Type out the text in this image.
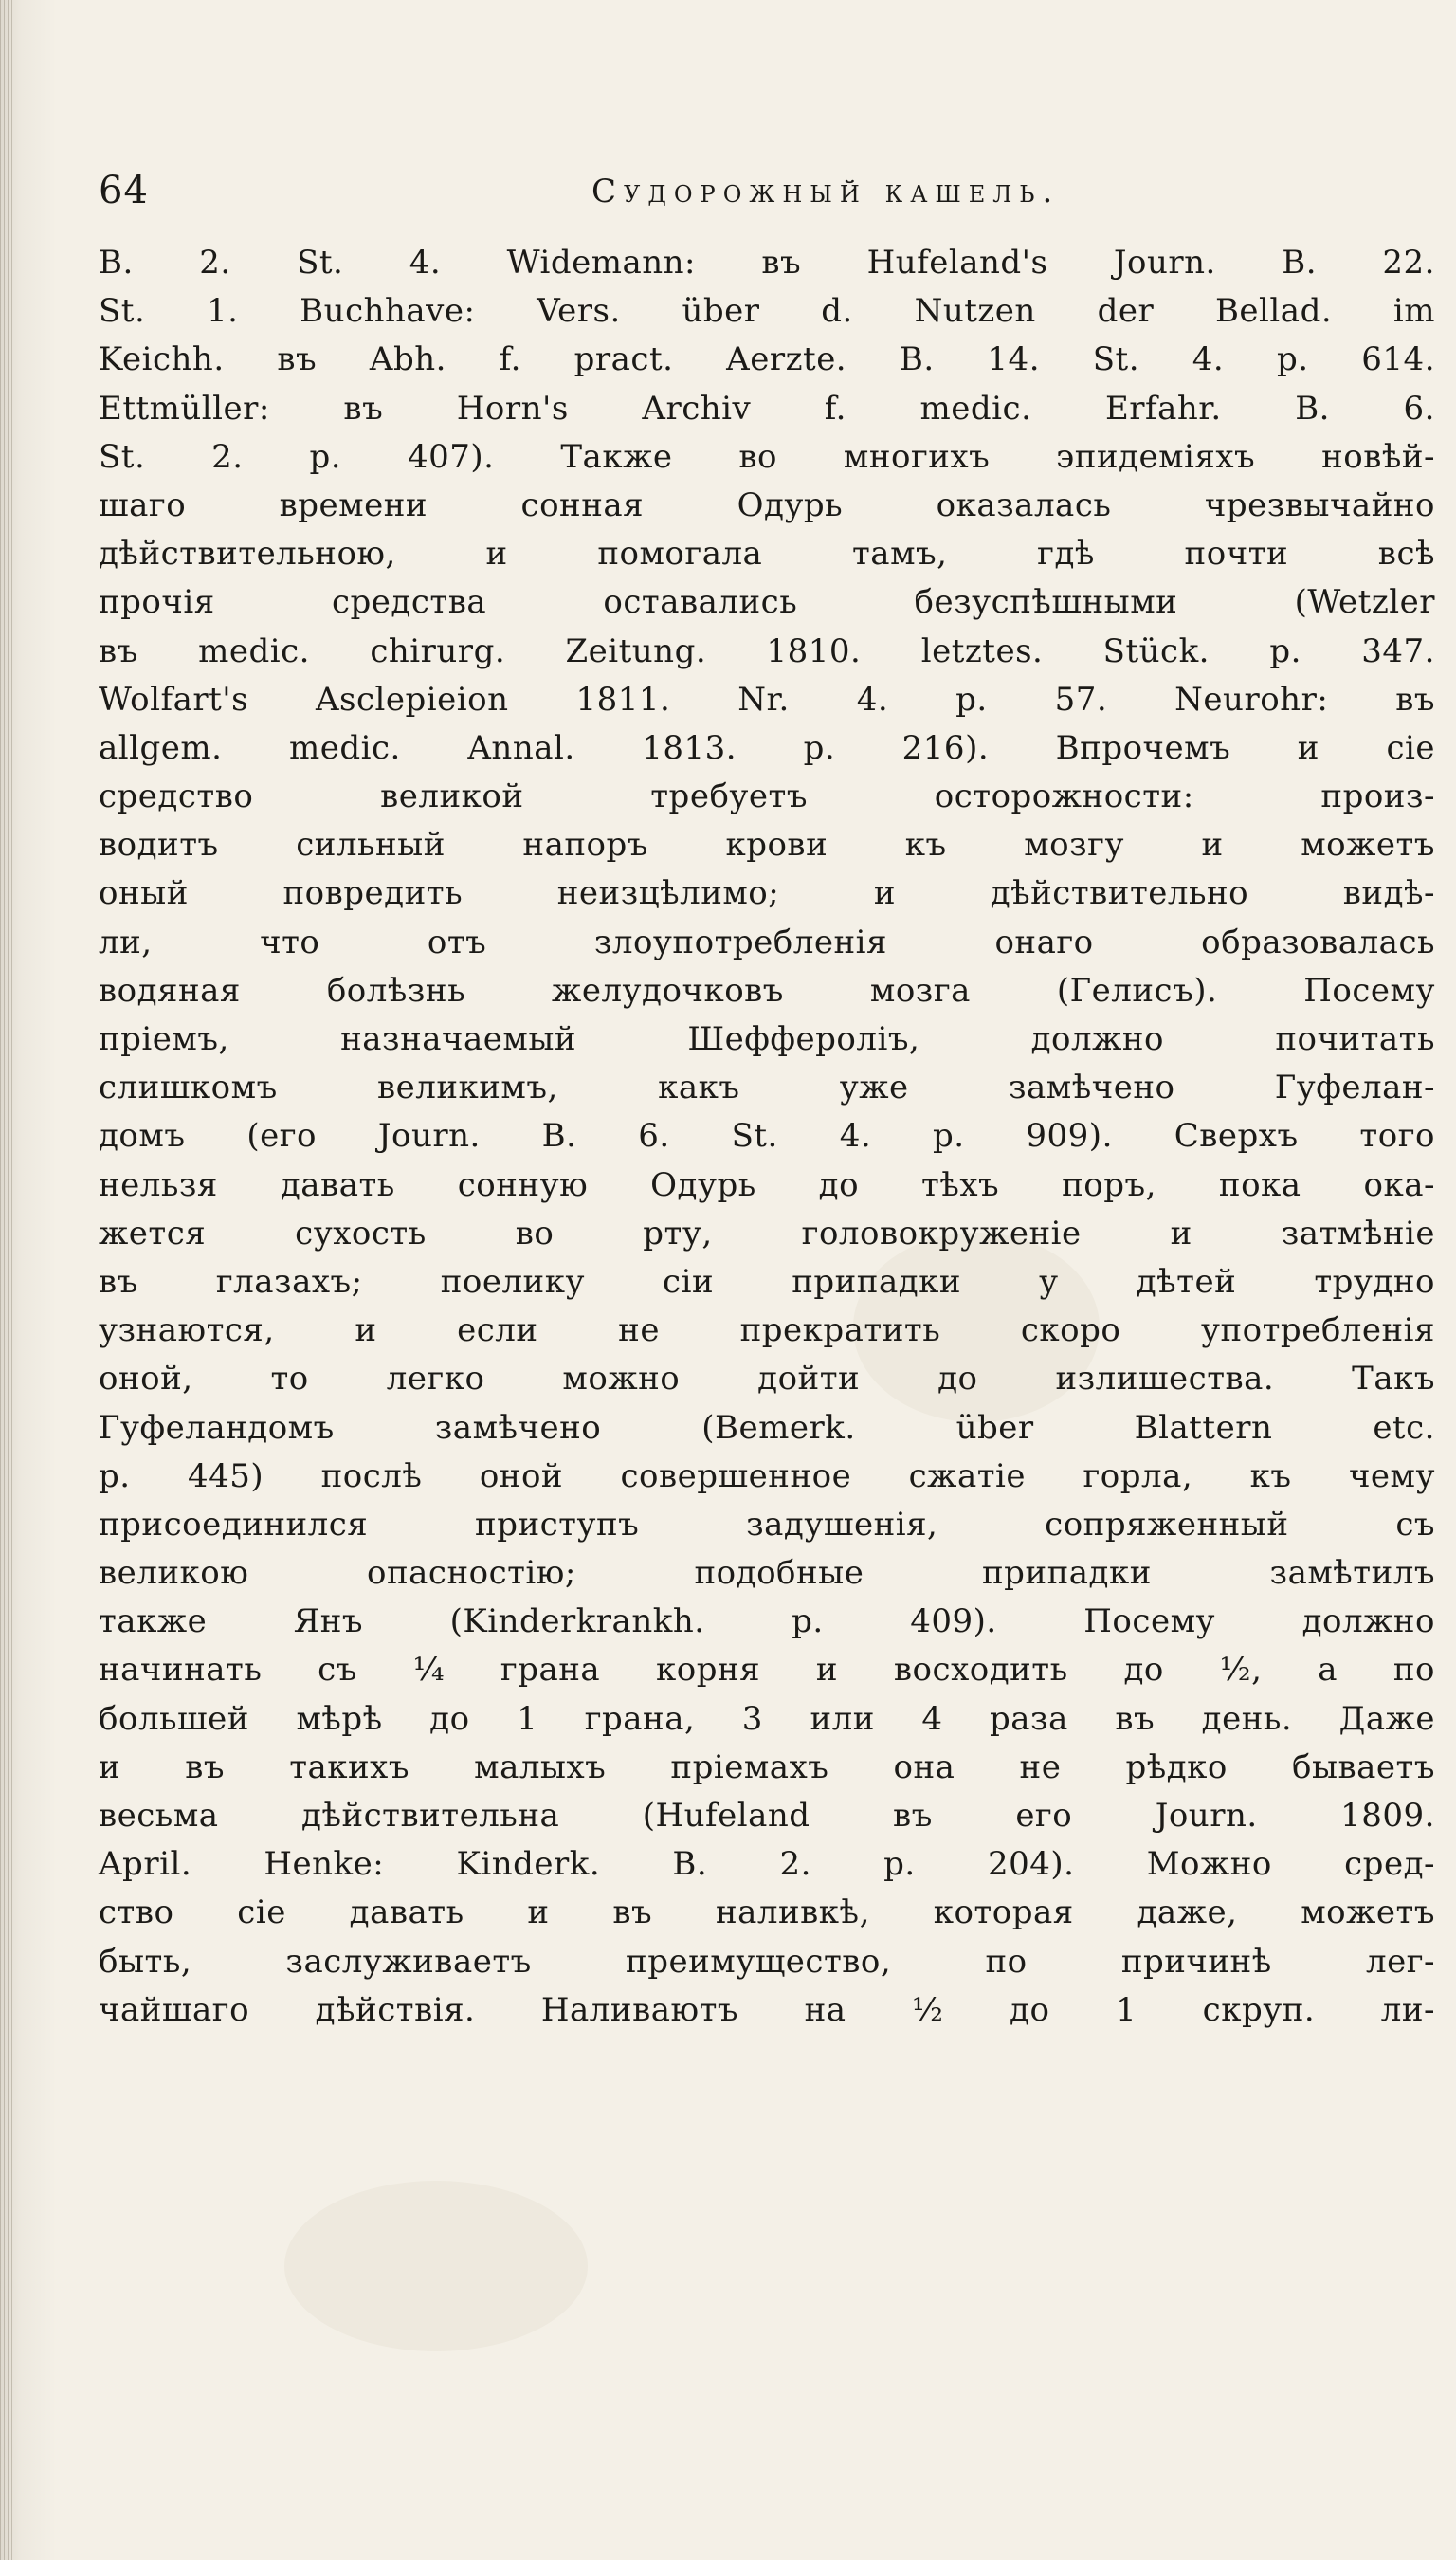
64	Судорожный кашель.
B. 2. St. 4. Widemann: въ Hufeland's Journ. B. 22.
St. 1. Buchhave: Vers. über d. Nutzen der Bellad. im
Keichh. въ Abh. f. pract. Aerzte. B. 14. St. 4. p. 614.
Ettmüller: въ Horn's Archiv f. medic. Erfahr. B. 6.
St. 2. p. 407). Также во многихъ эпидеміяхъ новѣй-
шаго времени сонная Одурь оказалась чрезвычайно
дѣйствительною, и помогала тамъ, гдѣ почти всѣ
прочія средства оставались безуспѣшными (Wetzler
въ medic. chirurg. Zeitung. 1810. letztes. Stück. p. 347.
Wolfart's Asclepieion 1811. Nr. 4. p. 57. Neurohr: въ
allgem. medic. Annal. 1813. p. 216). Впрочемъ и сіе
средство великой требуетъ осторожности: произ-
водитъ сильный напоръ крови къ мозгу и можетъ
оный повредить неизцѣлимо; и дѣйствительно видѣ-
ли, что отъ злоупотребленія онаго образовалась
водяная болѣзнь желудочковъ мозга (Гелисъ). Посему
пріемъ, назначаемый Шеффероліъ, должно почитать
слишкомъ великимъ, какъ уже замѣчено Гуфелан-
домъ (его Journ. B. 6. St. 4. p. 909). Сверхъ того
нельзя давать сонную Одурь до тѣхъ поръ, пока ока-
жется сухость во рту, головокруженіе и затмѣніе
въ глазахъ; поелику сіи припадки у дѣтей трудно
узнаются, и если не прекратить скоро употребленія
оной, то легко можно дойти до излишества. Такъ
Гуфеландомъ замѣчено (Bemerk. über Blattern etc.
p. 445) послѣ оной совершенное сжатіе горла, къ чему
присоединился приступъ задушенія, сопряженный съ
великою опасностію; подобные припадки замѣтилъ
также Янъ (Kinderkrankh. p. 409). Посему должно
начинать съ ¼ грана корня и восходить до ½, а по
большей мѣрѣ до 1 грана, 3 или 4 раза въ день. Даже
и въ такихъ малыхъ пріемахъ она не рѣдко бываетъ
весьма дѣйствительна (Hufeland въ его Journ. 1809.
April. Henke: Kinderk. B. 2. p. 204). Можно сред-
ство сіе давать и въ наливкѣ, которая даже, можетъ
быть, заслуживаетъ преимущество, по причинѣ лег-
чайшаго дѣйствія. Наливаютъ на ½ до 1 скруп. ли-
